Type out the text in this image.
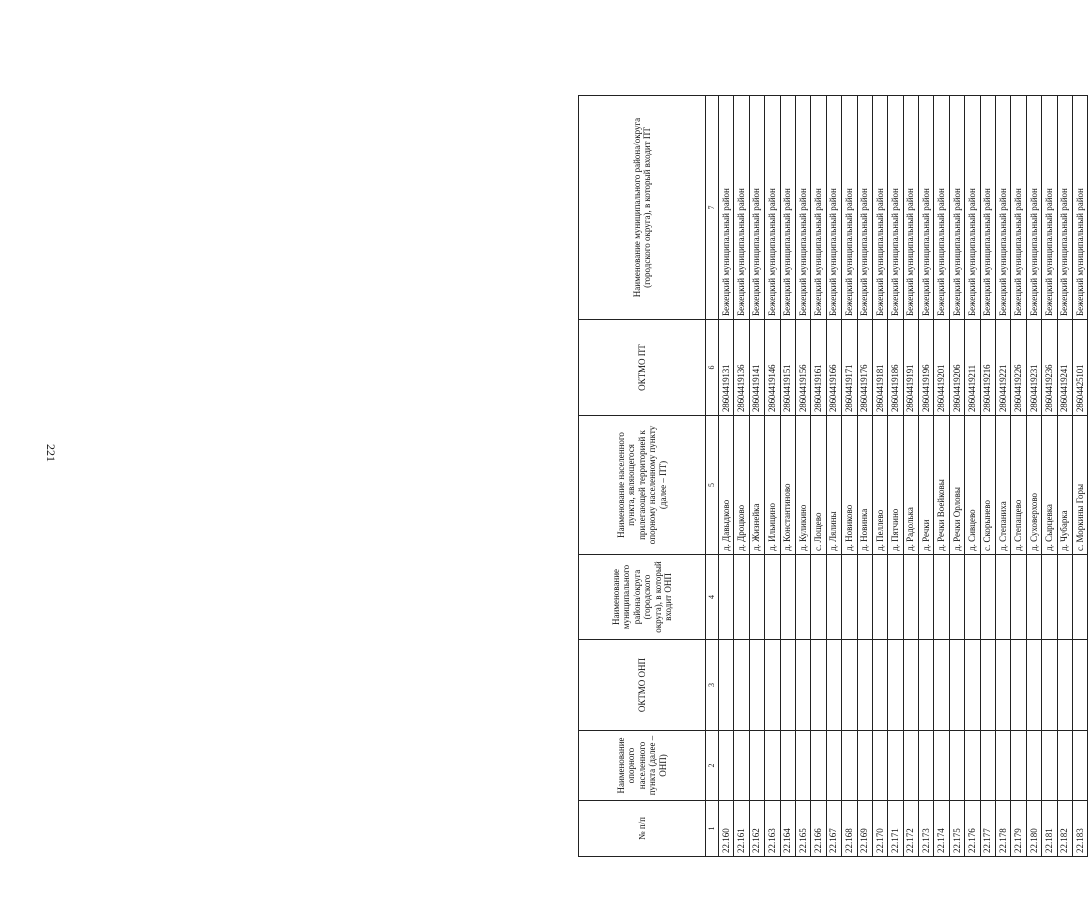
221
№ п/п	Наименование опорного населенного пункта (далее – ОНП)	ОКТМО ОНП	Наименование муниципального района/округа (городского округа), в который входит ОНП	Наименование населенного пункта, являющегося прилегающей территорией к опорному населенному пункту (далее – ПТ)	ОКТМО ПТ	Наименование муниципального района/округа (городского округа), в который входит ПТ
1	2	3	4	5	6	7
22.160				д. Давыдково	28604419131	Бежецкий муниципальный район
22.161				д. Дроцково	28604419136	Бежецкий муниципальный район
22.162				д. Жизнейка	28604419141	Бежецкий муниципальный район
22.163				д. Ильицино	28604419146	Бежецкий муниципальный район
22.164				д. Константиново	28604419151	Бежецкий муниципальный район
22.165				д. Куликино	28604419156	Бежецкий муниципальный район
22.166				с. Лощево	28604419161	Бежецкий муниципальный район
22.167				д. Лялины	28604419166	Бежецкий муниципальный район
22.168				д. Новиково	28604419171	Бежецкий муниципальный район
22.169				д. Новинка	28604419176	Бежецкий муниципальный район
22.170				д. Пеллево	28604419181	Бежецкий муниципальный район
22.171				д. Пятчино	28604419186	Бежецкий муниципальный район
22.172				д. Радолька	28604419191	Бежецкий муниципальный район
22.173				д. Речки	28604419196	Бежецкий муниципальный район
22.174				д. Речки Воейковы	28604419201	Бежецкий муниципальный район
22.175				д. Речки Орловы	28604419206	Бежецкий муниципальный район
22.176				д. Сивцево	28604419211	Бежецкий муниципальный район
22.177				с. Скорынево	28604419216	Бежецкий муниципальный район
22.178				д. Степаниха	28604419221	Бежецкий муниципальный район
22.179				д. Степащево	28604419226	Бежецкий муниципальный район
22.180				д. Суховерхово	28604419231	Бежецкий муниципальный район
22.181				д. Сырцевка	28604419236	Бежецкий муниципальный район
22.182				д. Чубарка	28604419241	Бежецкий муниципальный район
22.183				с. Моркины Горы	28604425101	Бежецкий муниципальный район
